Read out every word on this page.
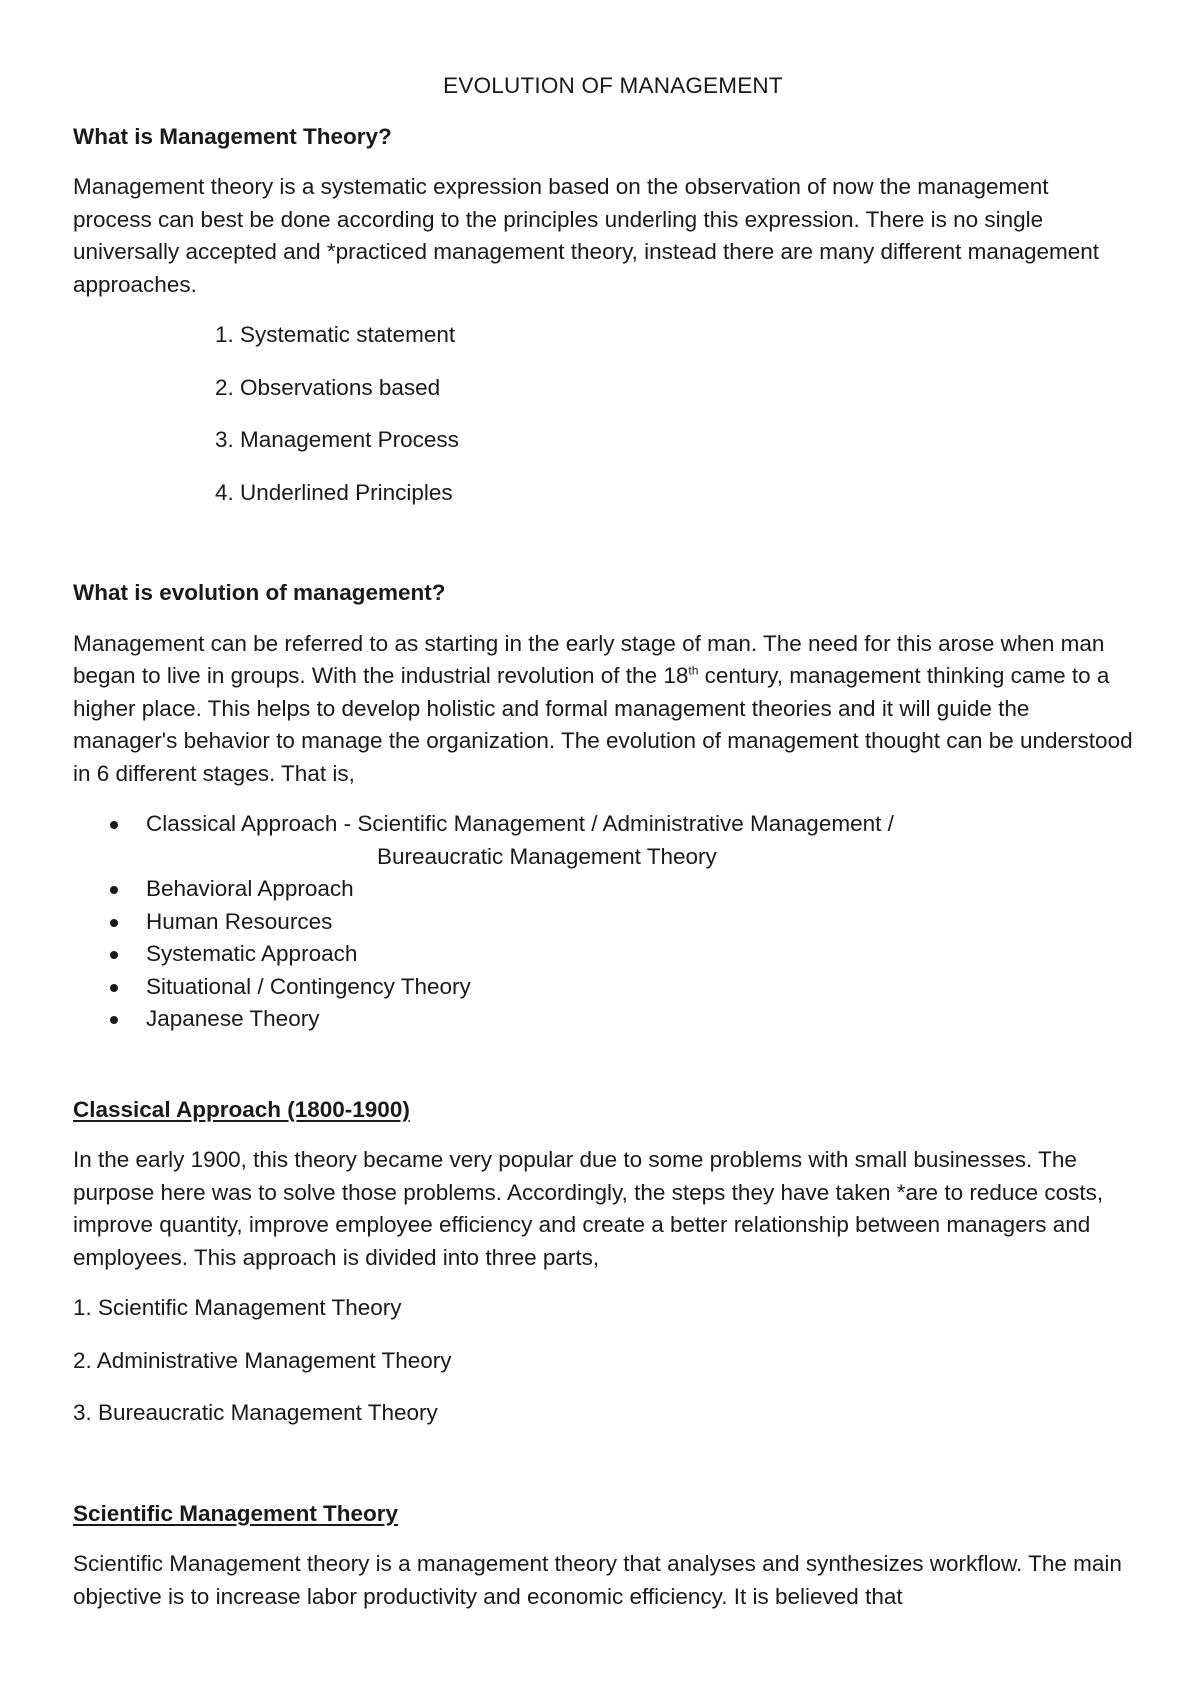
EVOLUTION OF MANAGEMENT
What is Management Theory?

Management theory is a systematic expression based on the observation of now the management process can best be done according to the principles underling this expression. There is no single universally accepted and *practiced management theory, instead there are many different management approaches.

1. Systematic statement
2. Observations based
3. Management Process
4. Underlined Principles
What is evolution of management?

Management can be referred to as starting in the early stage of man. The need for this arose when man began to live in groups. With the industrial revolution of the 18th century, management thinking came to a higher place. This helps to develop holistic and formal management theories and it will guide the manager's behavior to manage the organization. The evolution of management thought can be understood in 6 different stages. That is,

Classical Approach - Scientific Management / Administrative Management /
Bureaucratic Management Theory
Behavioral Approach
Human Resources
Systematic Approach
Situational / Contingency Theory
Japanese Theory
Classical Approach (1800-1900)

In the early 1900, this theory became very popular due to some problems with small businesses. The purpose here was to solve those problems. Accordingly, the steps they have taken *are to reduce costs, improve quantity, improve employee efficiency and create a better relationship between managers and employees. This approach is divided into three parts,

1. Scientific Management Theory
2. Administrative Management Theory
3. Bureaucratic Management Theory
Scientific Management Theory

Scientific Management theory is a management theory that analyses and synthesizes workflow. The main objective is to increase labor productivity and economic efficiency. It is believed that
